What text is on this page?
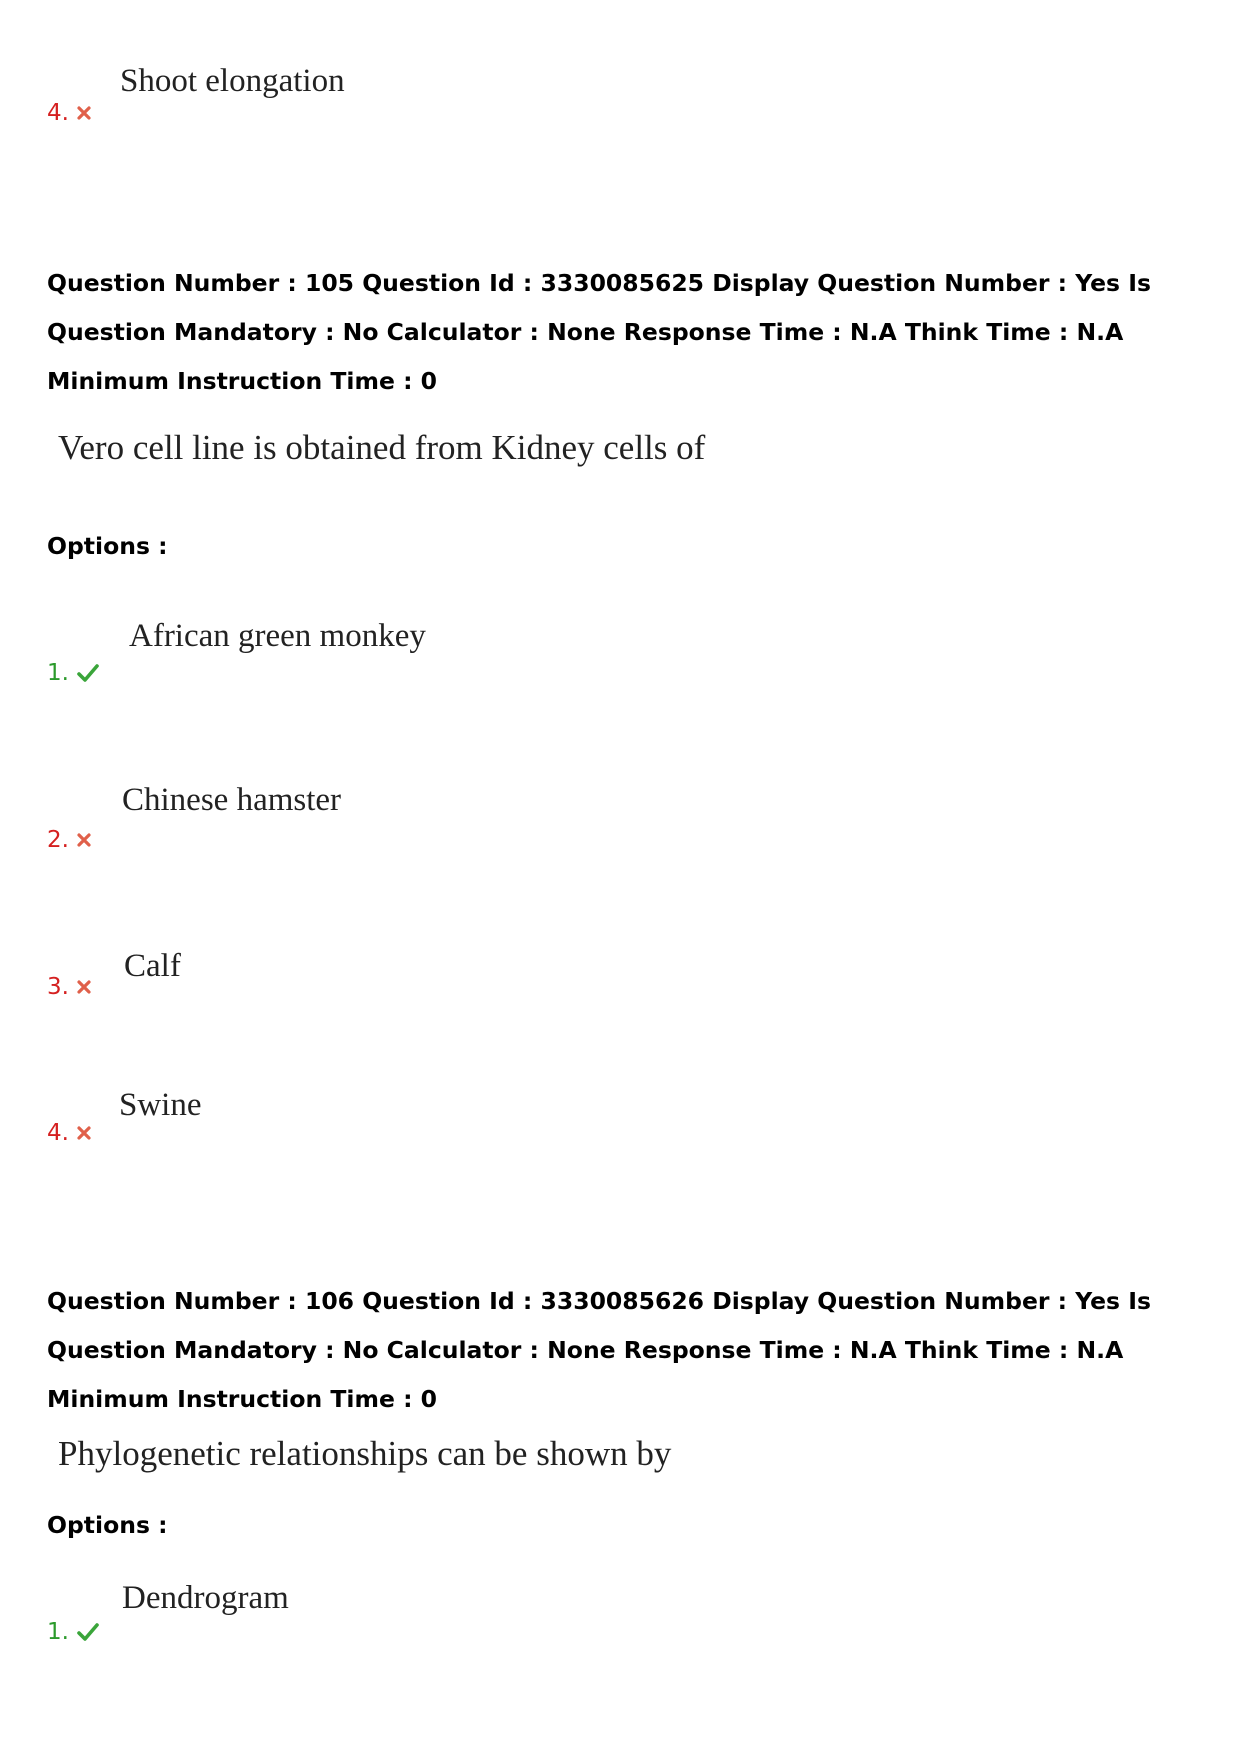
Shoot elongation
4.

Question Number : 105 Question Id : 3330085625 Display Question Number : Yes Is Question Mandatory : No Calculator : None Response Time : N.A Think Time : N.A Minimum Instruction Time : 0

Vero cell line is obtained from Kidney cells of
Options :
African green monkey
1.
Chinese hamster
2.
Calf
3.
Swine
4.

Question Number : 106 Question Id : 3330085626 Display Question Number : Yes Is Question Mandatory : No Calculator : None Response Time : N.A Think Time : N.A Minimum Instruction Time : 0

Phylogenetic relationships can be shown by
Options :
Dendrogram
1.
